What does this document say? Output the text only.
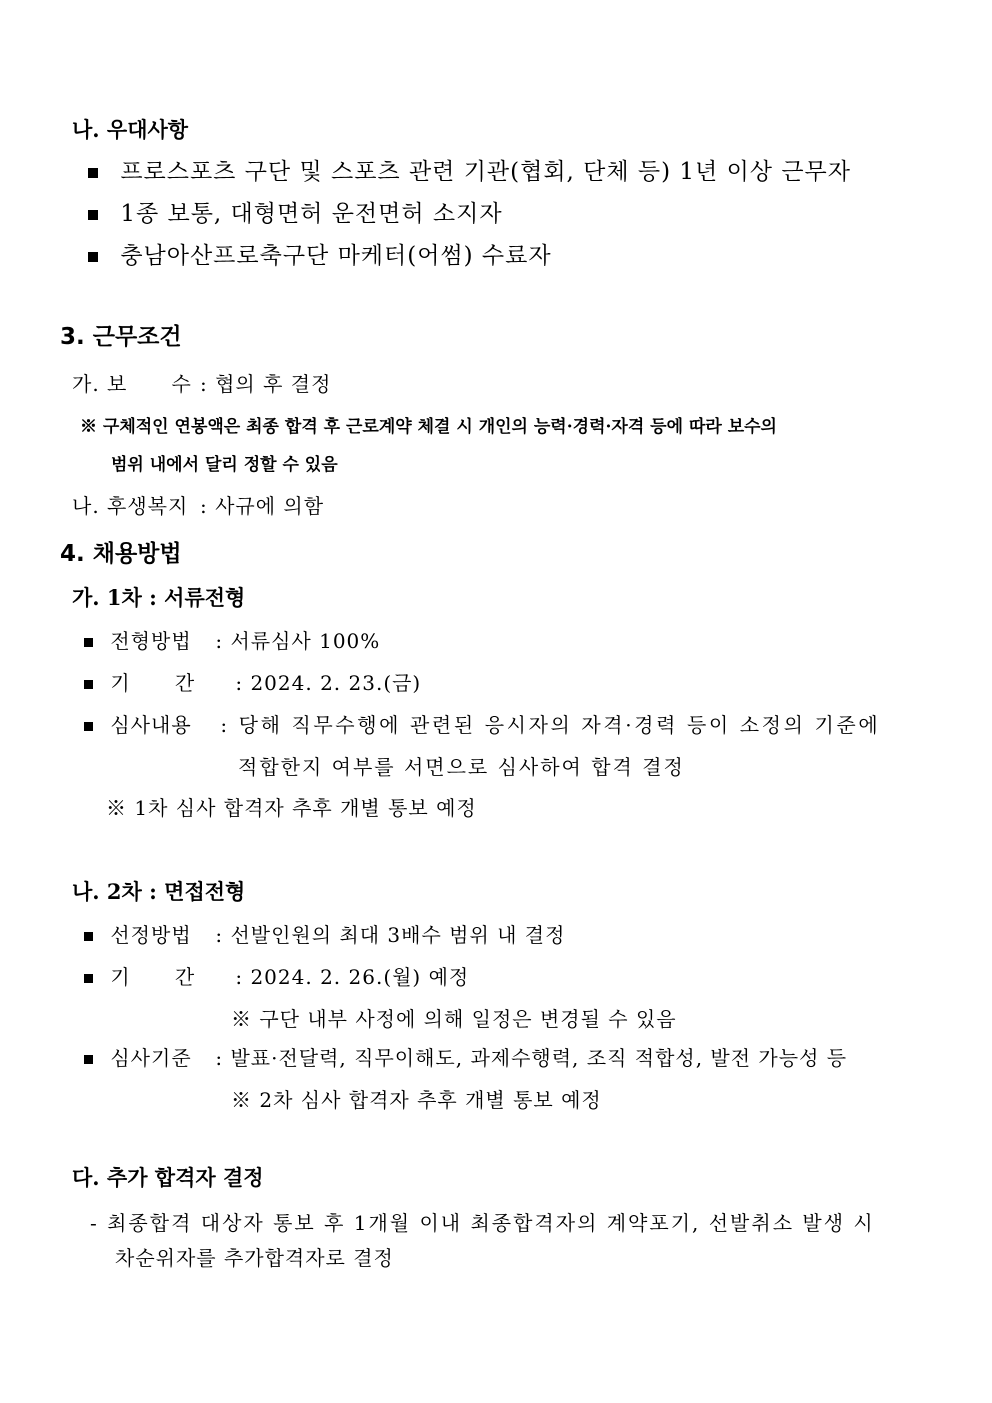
나. 우대사항
프로스포츠 구단 및 스포츠 관련 기관(협회, 단체 등) 1년 이상 근무자
1종 보통, 대형면허 운전면허 소지자
충남아산프로축구단 마케터(어썸) 수료자
3. 근무조건
가. 보      수 : 협의 후 결정
※ 구체적인 연봉액은 최종 합격 후 근로계약 체결 시 개인의 능력·경력·자격 등에 따라 보수의
범위 내에서 달리 정할 수 있음
나. 후생복지 : 사규에 의함
4. 채용방법
가. 1차 : 서류전형
전형방법 : 서류심사 100%
기      간 : 2024. 2. 23.(금)
심사내용 : 당해 직무수행에 관련된 응시자의 자격·경력 등이 소정의 기준에
적합한지 여부를 서면으로 심사하여 합격 결정
※ 1차 심사 합격자 추후 개별 통보 예정
나. 2차 : 면접전형
선정방법 : 선발인원의 최대 3배수 범위 내 결정
기      간 : 2024. 2. 26.(월) 예정
※ 구단 내부 사정에 의해 일정은 변경될 수 있음
심사기준 : 발표·전달력, 직무이해도, 과제수행력, 조직 적합성, 발전 가능성 등
※ 2차 심사 합격자 추후 개별 통보 예정
다. 추가 합격자 결정
- 최종합격 대상자 통보 후 1개월 이내 최종합격자의 계약포기, 선발취소 발생 시
차순위자를 추가합격자로 결정
